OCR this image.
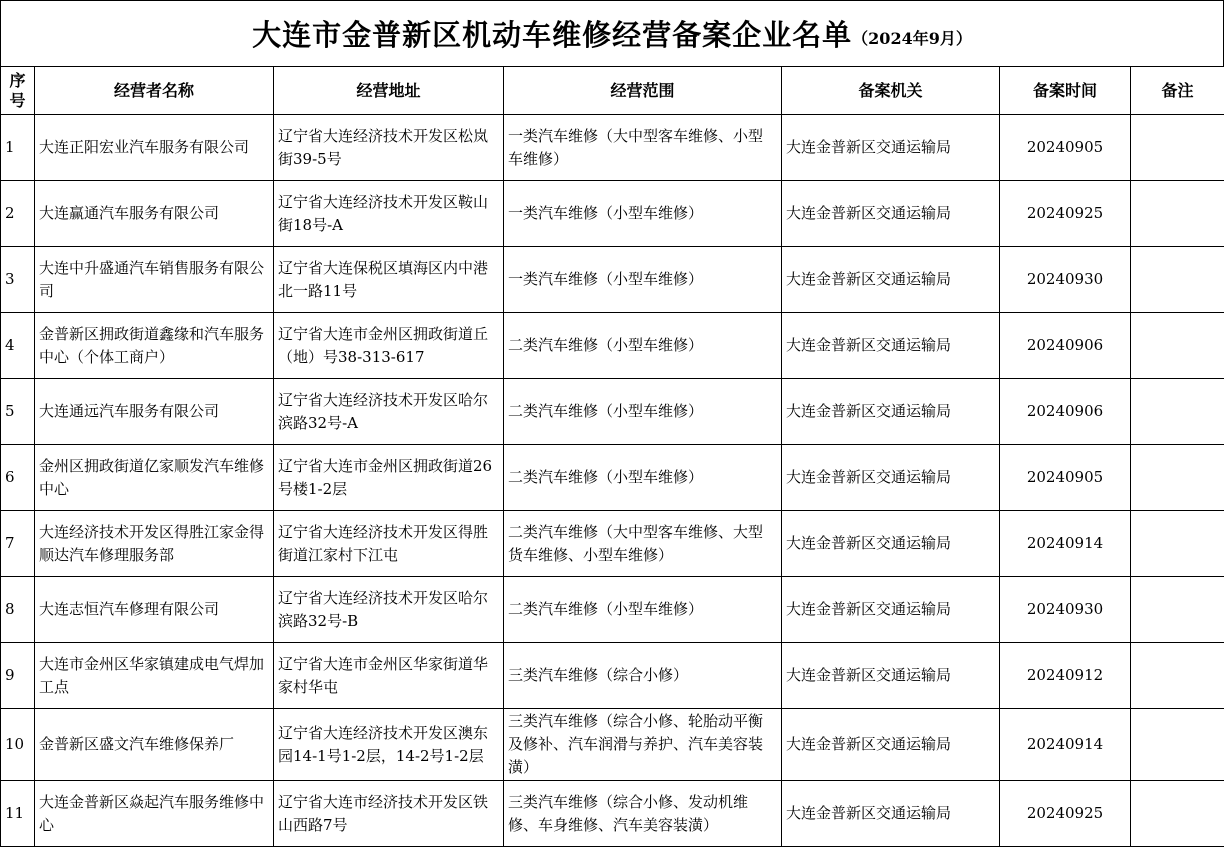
大连市金普新区机动车维修经营备案企业名单 （2024年9月）
序号	经营者名称	经营地址	经营范围	备案机关	备案时间	备注
1	大连正阳宏业汽车服务有限公司	辽宁省大连经济技术开发区松岚街39-5号	一类汽车维修（大中型客车维修、小型车维修）	大连金普新区交通运输局	20240905	
2	大连赢通汽车服务有限公司	辽宁省大连经济技术开发区鞍山街18号-A	一类汽车维修（小型车维修）	大连金普新区交通运输局	20240925	
3	大连中升盛通汽车销售服务有限公司	辽宁省大连保税区填海区内中港北一路11号	一类汽车维修（小型车维修）	大连金普新区交通运输局	20240930	
4	金普新区拥政街道鑫缘和汽车服务中心（个体工商户）	辽宁省大连市金州区拥政街道丘（地）号38-313-617	二类汽车维修（小型车维修）	大连金普新区交通运输局	20240906	
5	大连通远汽车服务有限公司	辽宁省大连经济技术开发区哈尔滨路32号-A	二类汽车维修（小型车维修）	大连金普新区交通运输局	20240906	
6	金州区拥政街道亿家顺发汽车维修中心	辽宁省大连市金州区拥政街道26号楼1-2层	二类汽车维修（小型车维修）	大连金普新区交通运输局	20240905	
7	大连经济技术开发区得胜江家金得顺达汽车修理服务部	辽宁省大连经济技术开发区得胜街道江家村下江屯	二类汽车维修（大中型客车维修、大型货车维修、小型车维修）	大连金普新区交通运输局	20240914	
8	大连志恒汽车修理有限公司	辽宁省大连经济技术开发区哈尔滨路32号-B	二类汽车维修（小型车维修）	大连金普新区交通运输局	20240930	
9	大连市金州区华家镇建成电气焊加工点	辽宁省大连市金州区华家街道华家村华屯	三类汽车维修（综合小修）	大连金普新区交通运输局	20240912	
10	金普新区盛文汽车维修保养厂	辽宁省大连经济技术开发区澳东园14-1号1-2层，14-2号1-2层	三类汽车维修（综合小修、轮胎动平衡及修补、汽车润滑与养护、汽车美容装潢）	大连金普新区交通运输局	20240914	
11	大连金普新区焱起汽车服务维修中心	辽宁省大连市经济技术开发区铁山西路7号	三类汽车维修（综合小修、发动机维修、车身维修、汽车美容装潢）	大连金普新区交通运输局	20240925	
